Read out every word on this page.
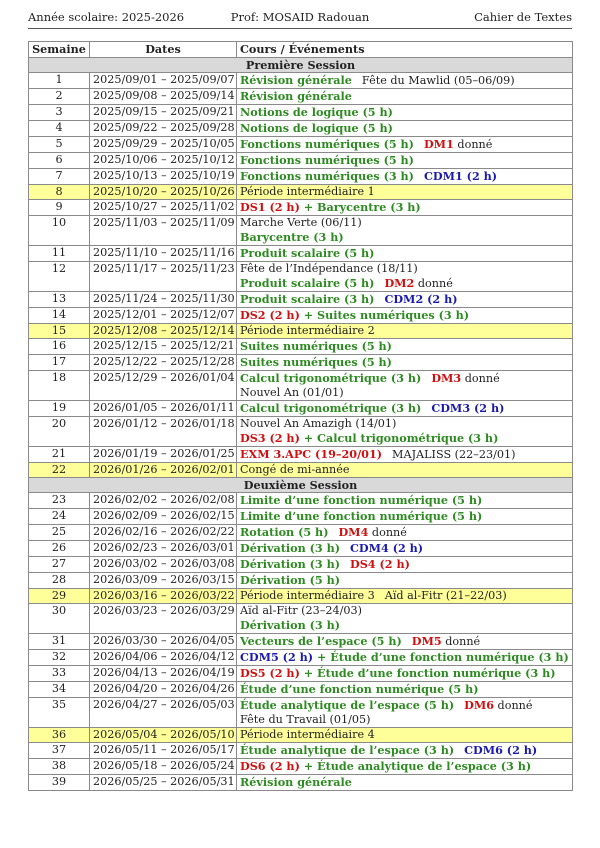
Année scolaire: 2025-2026	Prof: MOSAID Radouan	Cahier de Textes
Semaine	Dates	Cours / Événements
Première Session		
1	2025/09/01 – 2025/09/07	Révision générale Fête du Mawlid (05–06/09)

2	2025/09/08 – 2025/09/14	Révision générale

3	2025/09/15 – 2025/09/21	Notions de logique (5 h)

4	2025/09/22 – 2025/09/28	Notions de logique (5 h)

5	2025/09/29 – 2025/10/05	Fonctions numériques (5 h) DM1 donné

6	2025/10/06 – 2025/10/12	Fonctions numériques (5 h)

7	2025/10/13 – 2025/10/19	Fonctions numériques (3 h) CDM1 (2 h)

8	2025/10/20 – 2025/10/26	Période intermédiaire 1

9	2025/10/27 – 2025/11/02	DS1 (2 h) + Barycentre (3 h)

10	2025/11/03 – 2025/11/09	Marche Verte (06/11)
Barycentre (3 h)

11	2025/11/10 – 2025/11/16	Produit scalaire (5 h)

12	2025/11/17 – 2025/11/23	Fête de l’Indépendance (18/11)
Produit scalaire (5 h) DM2 donné

13	2025/11/24 – 2025/11/30	Produit scalaire (3 h) CDM2 (2 h)

14	2025/12/01 – 2025/12/07	DS2 (2 h) + Suites numériques (3 h)

15	2025/12/08 – 2025/12/14	Période intermédiaire 2

16	2025/12/15 – 2025/12/21	Suites numériques (5 h)

17	2025/12/22 – 2025/12/28	Suites numériques (5 h)

18	2025/12/29 – 2026/01/04	Calcul trigonométrique (3 h) DM3 donné
Nouvel An (01/01)

19	2026/01/05 – 2026/01/11	Calcul trigonométrique (3 h) CDM3 (2 h)

20	2026/01/12 – 2026/01/18	Nouvel An Amazigh (14/01)
DS3 (2 h) + Calcul trigonométrique (3 h)

21	2026/01/19 – 2026/01/25	EXM 3.APC (19–20/01) MAJALISS (22–23/01)

22	2026/01/26 – 2026/02/01	Congé de mi-année

Deuxième Session		
23	2026/02/02 – 2026/02/08	Limite d’une fonction numérique (5 h)

24	2026/02/09 – 2026/02/15	Limite d’une fonction numérique (5 h)

25	2026/02/16 – 2026/02/22	Rotation (5 h) DM4 donné

26	2026/02/23 – 2026/03/01	Dérivation (3 h) CDM4 (2 h)

27	2026/03/02 – 2026/03/08	Dérivation (3 h) DS4 (2 h)

28	2026/03/09 – 2026/03/15	Dérivation (5 h)

29	2026/03/16 – 2026/03/22	Période intermédiaire 3 Aïd al-Fitr (21–22/03)

30	2026/03/23 – 2026/03/29	Aïd al-Fitr (23–24/03)
Dérivation (3 h)

31	2026/03/30 – 2026/04/05	Vecteurs de l’espace (5 h) DM5 donné

32	2026/04/06 – 2026/04/12	CDM5 (2 h) + Étude d’une fonction numérique (3 h)

33	2026/04/13 – 2026/04/19	DS5 (2 h) + Étude d’une fonction numérique (3 h)

34	2026/04/20 – 2026/04/26	Étude d’une fonction numérique (5 h)

35	2026/04/27 – 2026/05/03	Étude analytique de l’espace (5 h) DM6 donné
Fête du Travail (01/05)

36	2026/05/04 – 2026/05/10	Période intermédiaire 4

37	2026/05/11 – 2026/05/17	Étude analytique de l’espace (3 h) CDM6 (2 h)

38	2026/05/18 – 2026/05/24	DS6 (2 h) + Étude analytique de l’espace (3 h)

39	2026/05/25 – 2026/05/31	Révision générale
